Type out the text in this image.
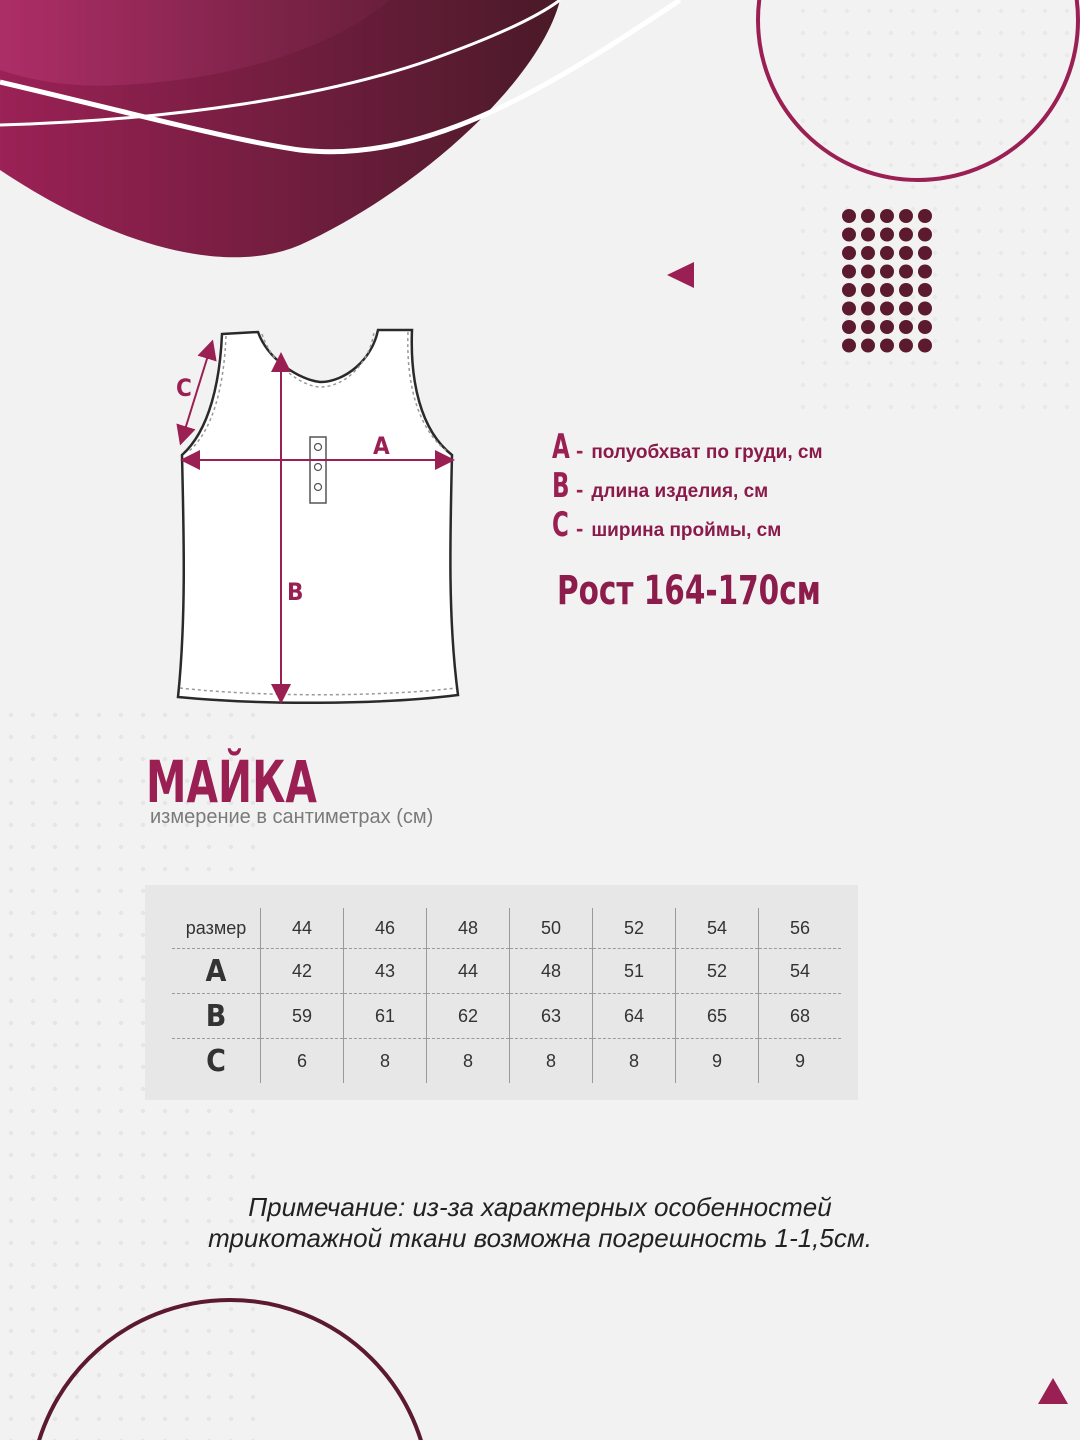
A
B
C
A - полуобхват по груди, см
B - длина изделия, см
C - ширина проймы, см
Рост 164-170см
МАЙКА
измерение в сантиметрах (см)
размер	44	46	48	50	52	54	56
A	42	43	44	48	51	52	54
B	59	61	62	63	64	65	68
C	6	8	8	8	8	9	9
Примечание: из-за характерных особенностей
трикотажной ткани возможна погрешность 1-1,5см.
